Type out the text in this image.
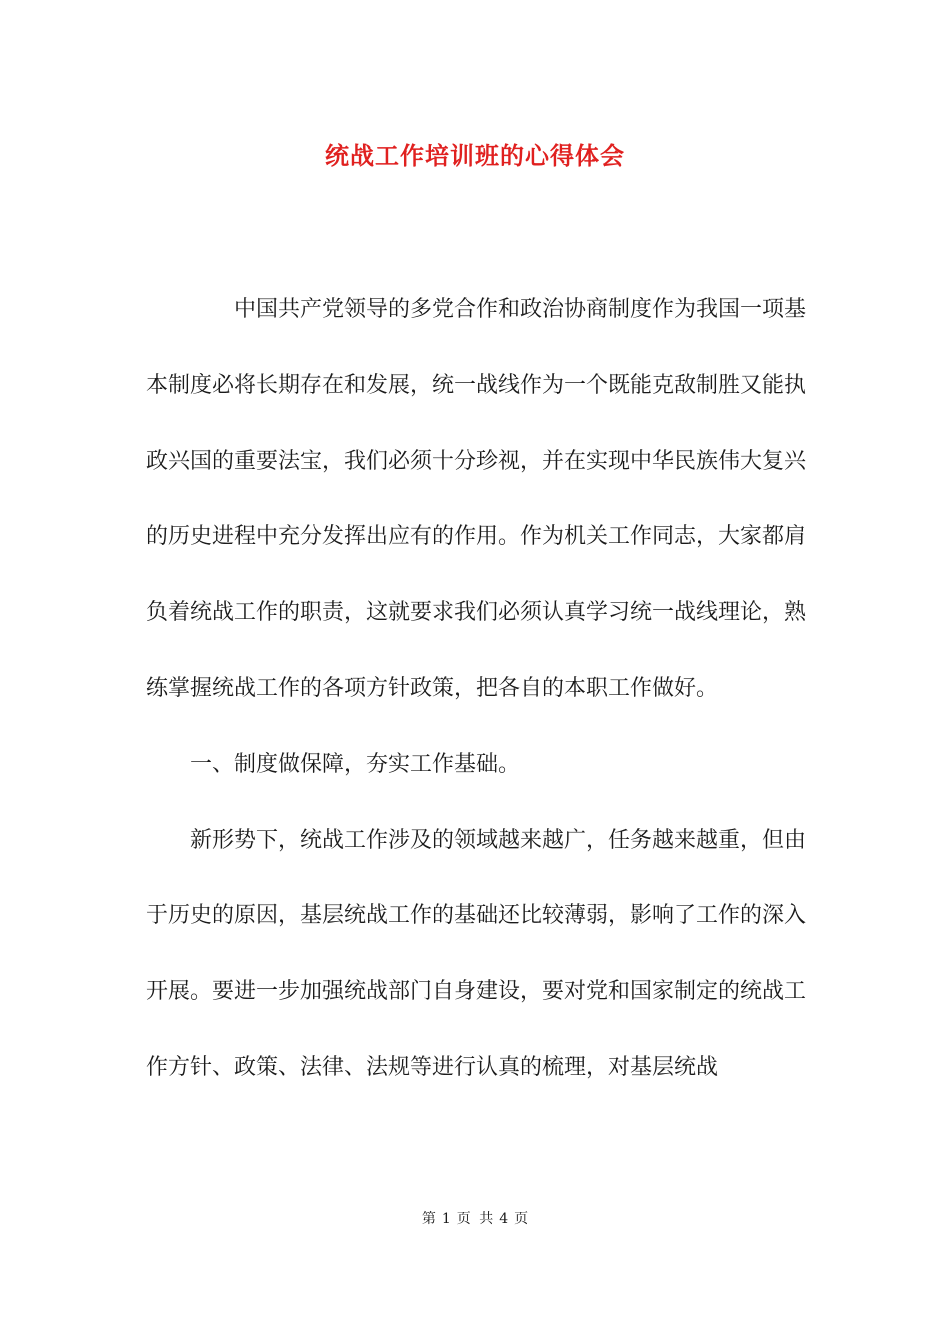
统战工作培训班的心得体会

中国共产党领导的多党合作和政治协商制度作为我国一项基本制度必将长期存在和发展，统一战线作为一个既能克敌制胜又能执政兴国的重要法宝，我们必须十分珍视，并在实现中华民族伟大复兴的历史进程中充分发挥出应有的作用。作为机关工作同志，大家都肩负着统战工作的职责，这就要求我们必须认真学习统一战线理论，熟练掌握统战工作的各项方针政策，把各自的本职工作做好。

一、制度做保障，夯实工作基础。

新形势下，统战工作涉及的领域越来越广，任务越来越重，但由于历史的原因，基层统战工作的基础还比较薄弱，影响了工作的深入开展。要进一步加强统战部门自身建设，要对党和国家制定的统战工作方针、政策、法律、法规等进行认真的梳理，对基层统战

第 1 页 共 4 页
